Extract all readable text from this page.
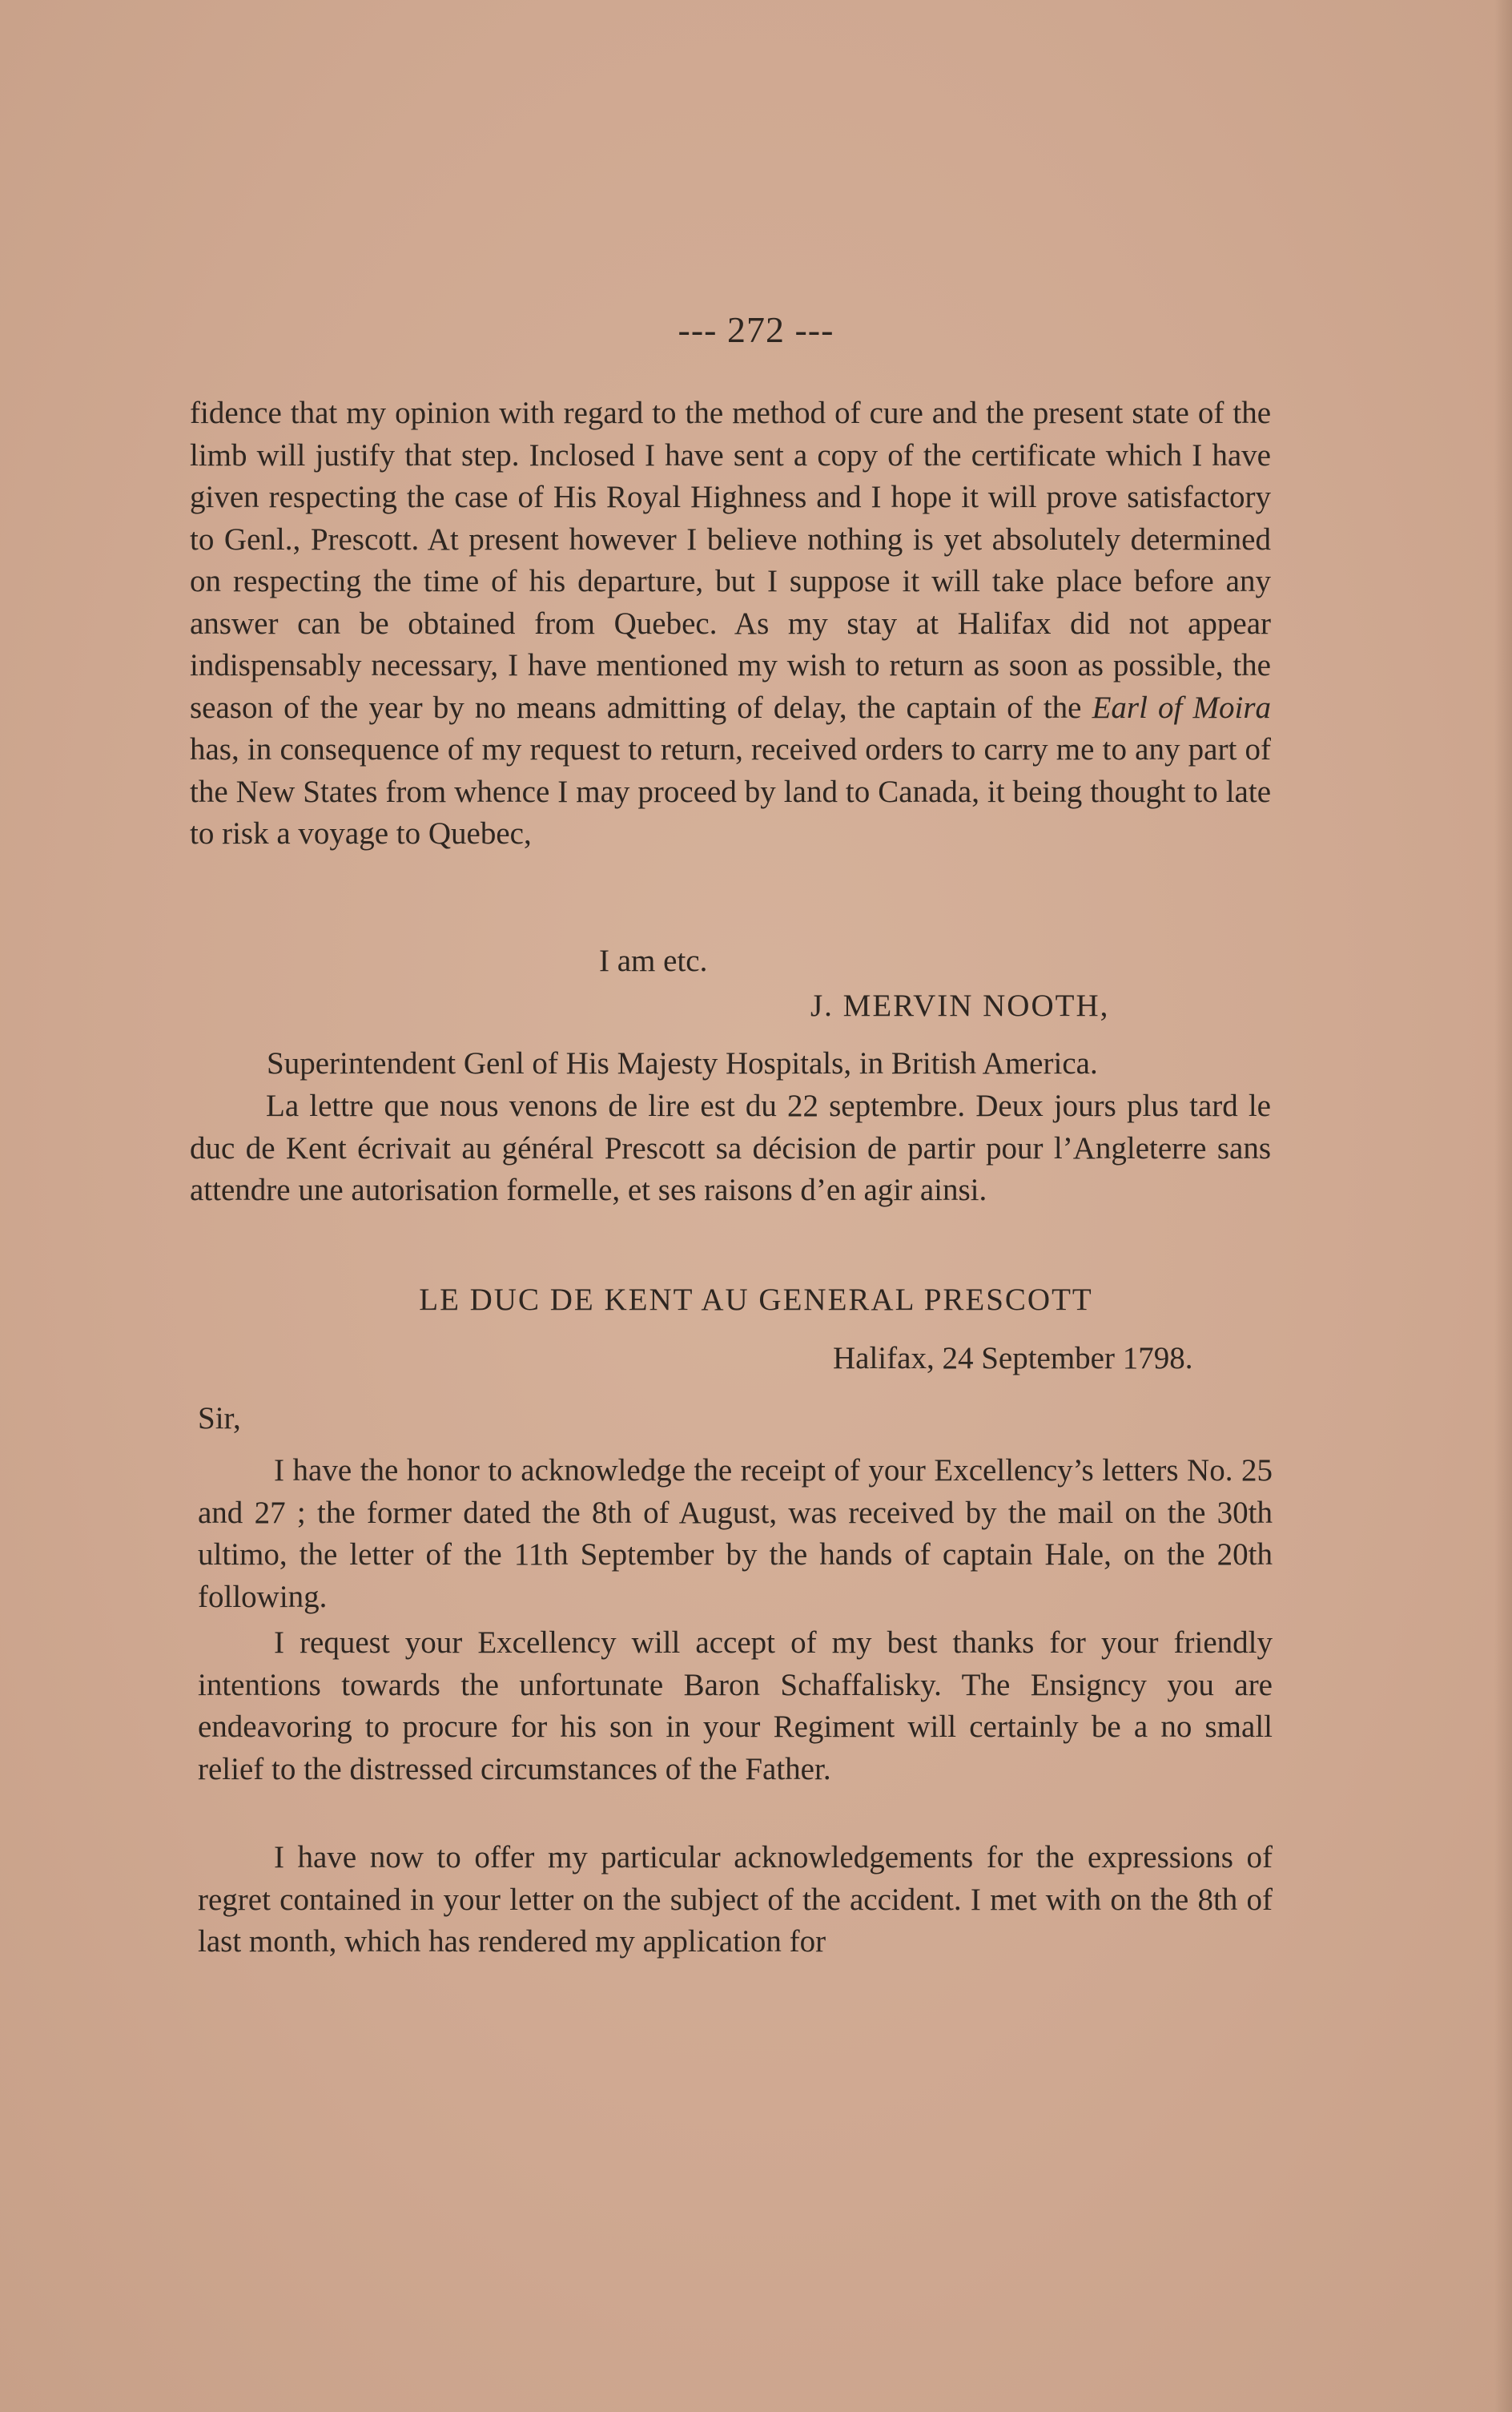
--- 272 ---

fidence that my opinion with regard to the method of cure and the present state of the limb will justify that step. Inclosed I have sent a copy of the certificate which I have given respecting the case of His Royal Highness and I hope it will prove satisfactory to Genl., Prescott. At present however I believe nothing is yet absolutely determined on respecting the time of his departure, but I suppose it will take place before any answer can be obtained from Quebec. As my stay at Halifax did not appear indispensably necessary, I have mentioned my wish to return as soon as possible, the season of the year by no means admitting of delay, the captain of the Earl of Moira has, in consequence of my request to return, received orders to carry me to any part of the New States from whence I may proceed by land to Canada, it being thought to late to risk a voyage to Quebec,

I am etc.
J. MERVIN NOOTH,
Superintendent Genl of His Majesty Hospitals, in British America.

La lettre que nous venons de lire est du 22 septembre. Deux jours plus tard le duc de Kent écrivait au général Prescott sa décision de partir pour l’Angleterre sans attendre une autorisation formelle, et ses raisons d’en agir ainsi.

LE DUC DE KENT AU GENERAL PRESCOTT
Halifax, 24 September 1798.
Sir,

I have the honor to acknowledge the receipt of your Excellency’s letters No. 25 and 27 ; the former dated the 8th of August, was received by the mail on the 30th ultimo, the letter of the 11th September by the hands of captain Hale, on the 20th following.

I request your Excellency will accept of my best thanks for your friendly intentions towards the unfortunate Baron Schaffalisky. The Ensigncy you are endeavoring to procure for his son in your Regiment will certainly be a no small relief to the distressed circumstances of the Father.

I have now to offer my particular acknowledgements for the expressions of regret contained in your letter on the subject of the accident. I met with on the 8th of last month, which has rendered my application for
